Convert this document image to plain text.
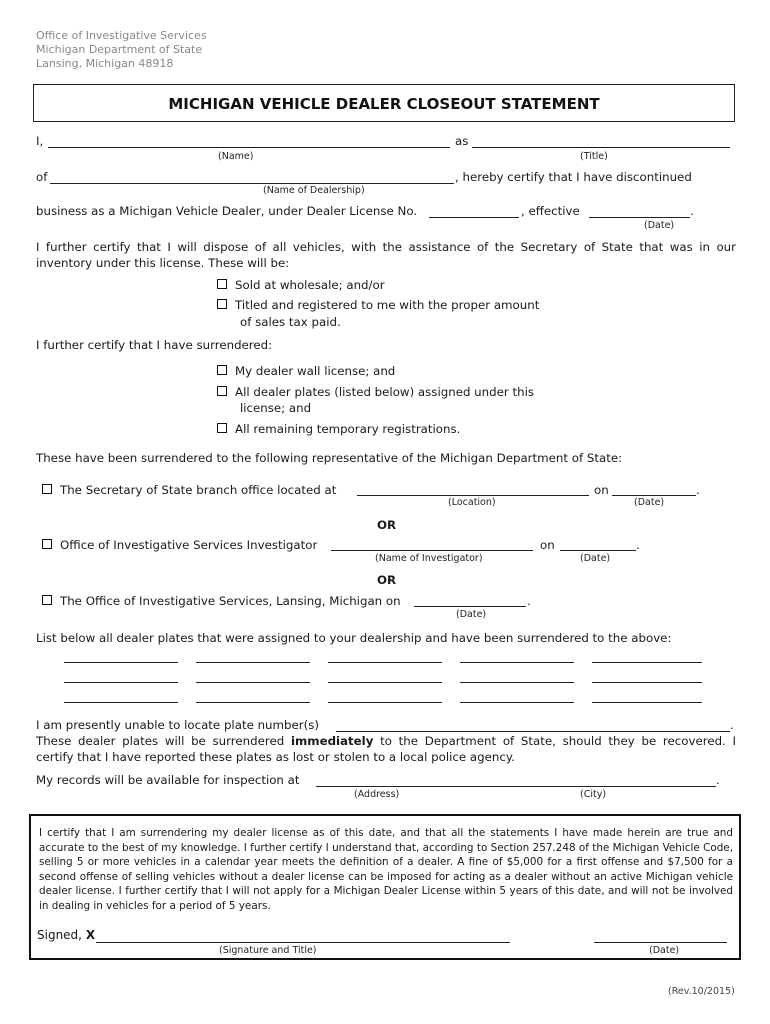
Office of Investigative Services
Michigan Department of State
Lansing, Michigan 48918
MICHIGAN VEHICLE DEALER CLOSEOUT STATEMENT
I,	as
(Name)	(Title)
of	, hereby certify that I have discontinued
(Name of Dealership)
business as a Michigan Vehicle Dealer, under Dealer License No.	, effective	.
(Date)
I further certify that I will dispose of all vehicles, with the assistance of the Secretary of State that was in our
inventory under this license. These will be:
Sold at wholesale; and/or
Titled and registered to me with the proper amount
of sales tax paid.
I further certify that I have surrendered:
My dealer wall license; and
All dealer plates (listed below) assigned under this
license; and
All remaining temporary registrations.
These have been surrendered to the following representative of the Michigan Department of State:
The Secretary of State branch office located at	on	.
(Location)	(Date)
OR
Office of Investigative Services Investigator	on	.
(Name of Investigator)	(Date)
OR
The Office of Investigative Services, Lansing, Michigan on	.
(Date)
List below all dealer plates that were assigned to your dealership and have been surrendered to the above:
I am presently unable to locate plate number(s)	.
These dealer plates will be surrendered immediately to the Department of State, should they be recovered. I
certify that I have reported these plates as lost or stolen to a local police agency.
My records will be available for inspection at	.
(Address)	(City)
I certify that I am surrendering my dealer license as of this date, and that all the statements I have made herein are true and accurate to the best of my knowledge. I further certify I understand that, according to Section 257.248 of the Michigan Vehicle Code, selling 5 or more vehicles in a calendar year meets the definition of a dealer. A fine of $5,000 for a first offense and $7,500 for a second offense of selling vehicles without a dealer license can be imposed for acting as a dealer without an active Michigan vehicle dealer license. I further certify that I will not apply for a Michigan Dealer License within 5 years of this date, and will not be involved in dealing in vehicles for a period of 5 years.
Signed, X
(Signature and Title)	(Date)
(Rev.10/2015)
